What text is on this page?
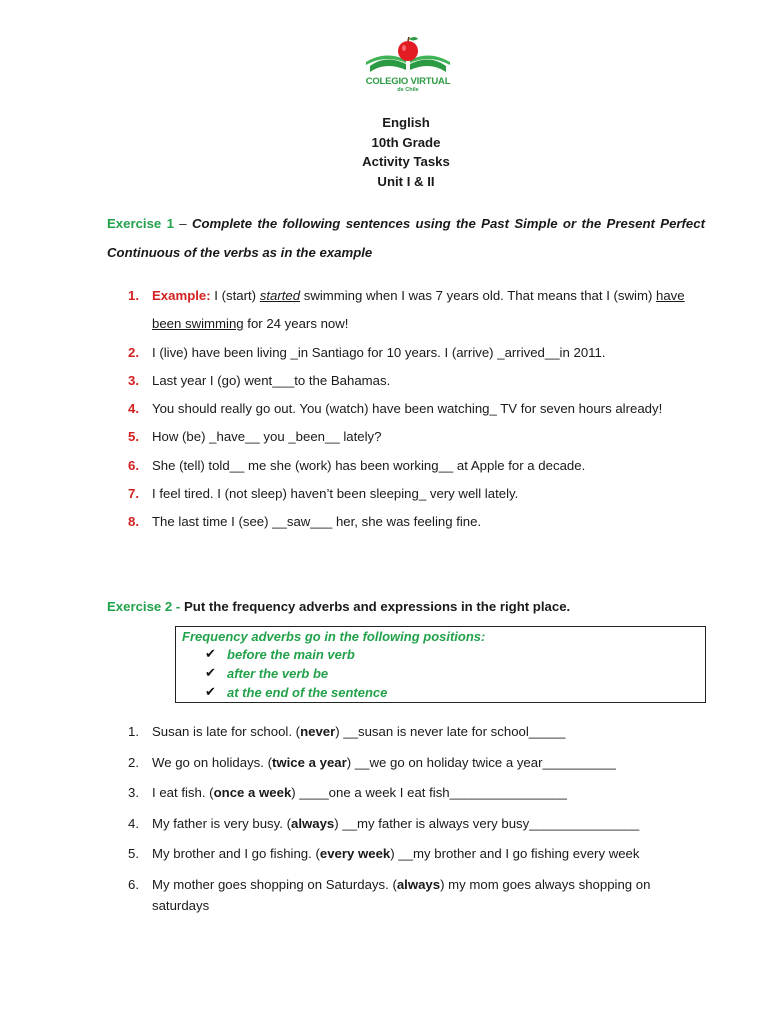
COLEGIO VIRTUAL
de Chile
English
10th Grade
Activity Tasks
Unit I & II
Exercise 1 – Complete the following sentences using the Past Simple or the Present Perfect Continuous of the verbs as in the example
1. Example: I (start) started swimming when I was 7 years old. That means that I (swim) have been swimming for 24 years now!
2. I (live) have been living _in Santiago for 10 years. I (arrive) _arrived__in 2011.
3. Last year I (go) went___to the Bahamas.
4. You should really go out. You (watch) have been watching_ TV for seven hours already!
5. How (be) _have__ you _been__ lately?
6. She (tell) told__ me she (work) has been working__ at Apple for a decade.
7. I feel tired. I (not sleep) haven’t been sleeping_ very well lately.
8. The last time I (see) __saw___ her, she was feeling fine.
Exercise 2 - Put the frequency adverbs and expressions in the right place.
Frequency adverbs go in the following positions:
✔ before the main verb
✔ after the verb be
✔ at the end of the sentence
1. Susan is late for school. (never) __susan is never late for school_____
2. We go on holidays. (twice a year) __we go on holiday twice a year__________
3. I eat fish. (once a week) ____one a week I eat fish________________
4. My father is very busy. (always) __my father is always very busy_______________
5. My brother and I go fishing. (every week) __my brother and I go fishing every week
6. My mother goes shopping on Saturdays. (always) my mom goes always shopping on saturdays
